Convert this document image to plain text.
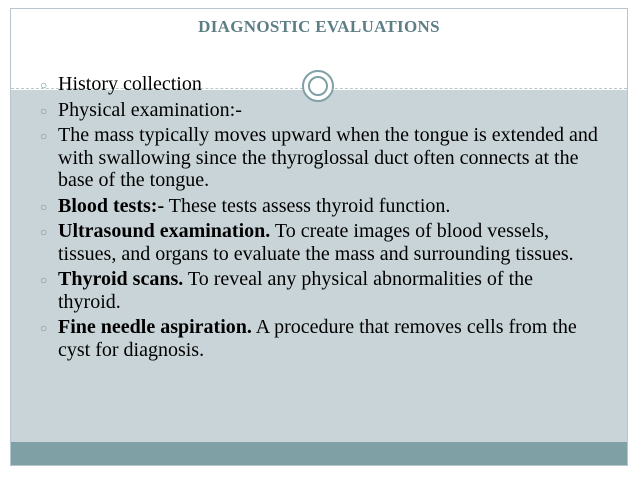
DIAGNOSTIC EVALUATIONS
○ History collection
○ Physical examination:-
○ The mass typically moves upward when the tongue is extended and with swallowing since the thyroglossal duct often connects at the base of the tongue.
○ Blood tests:- These tests assess thyroid function.
○ Ultrasound examination. To create images of blood vessels, tissues, and organs to evaluate the mass and surrounding tissues.
○ Thyroid scans. To reveal any physical abnormalities of the thyroid.
○ Fine needle aspiration. A procedure that removes cells from the cyst for diagnosis.
